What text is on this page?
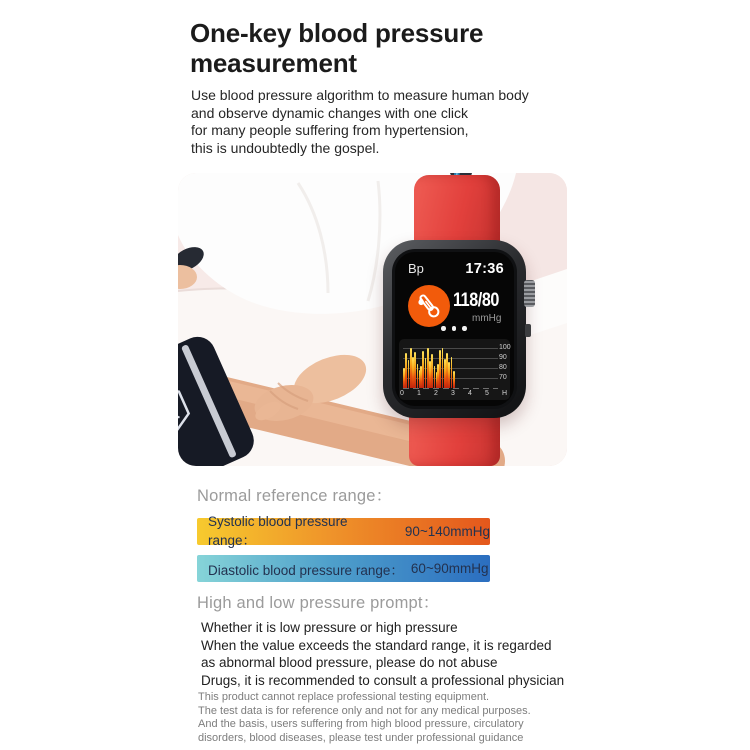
One-key blood pressure measurement
Use blood pressure algorithm to measure human body
and observe dynamic changes with one click
for many people suffering from hypertension,
this is undoubtedly the gospel.
Bp	17:36
118/80
mmHg
100
90
80
70
0 1 2 3 4 5 H
Normal reference range：
Systolic blood pressure range：
90~140mmHg
Diastolic blood pressure range： 60~90mmHg
High and low pressure prompt：
Whether it is low pressure or high pressure
When the value exceeds the standard range, it is regarded
as abnormal blood pressure, please do not abuse
Drugs, it is recommended to consult a professional physician
This product cannot replace professional testing equipment.
The test data is for reference only and not for any medical purposes.
And the basis, users suffering from high blood pressure, circulatory
disorders, blood diseases, please test under professional guidance
